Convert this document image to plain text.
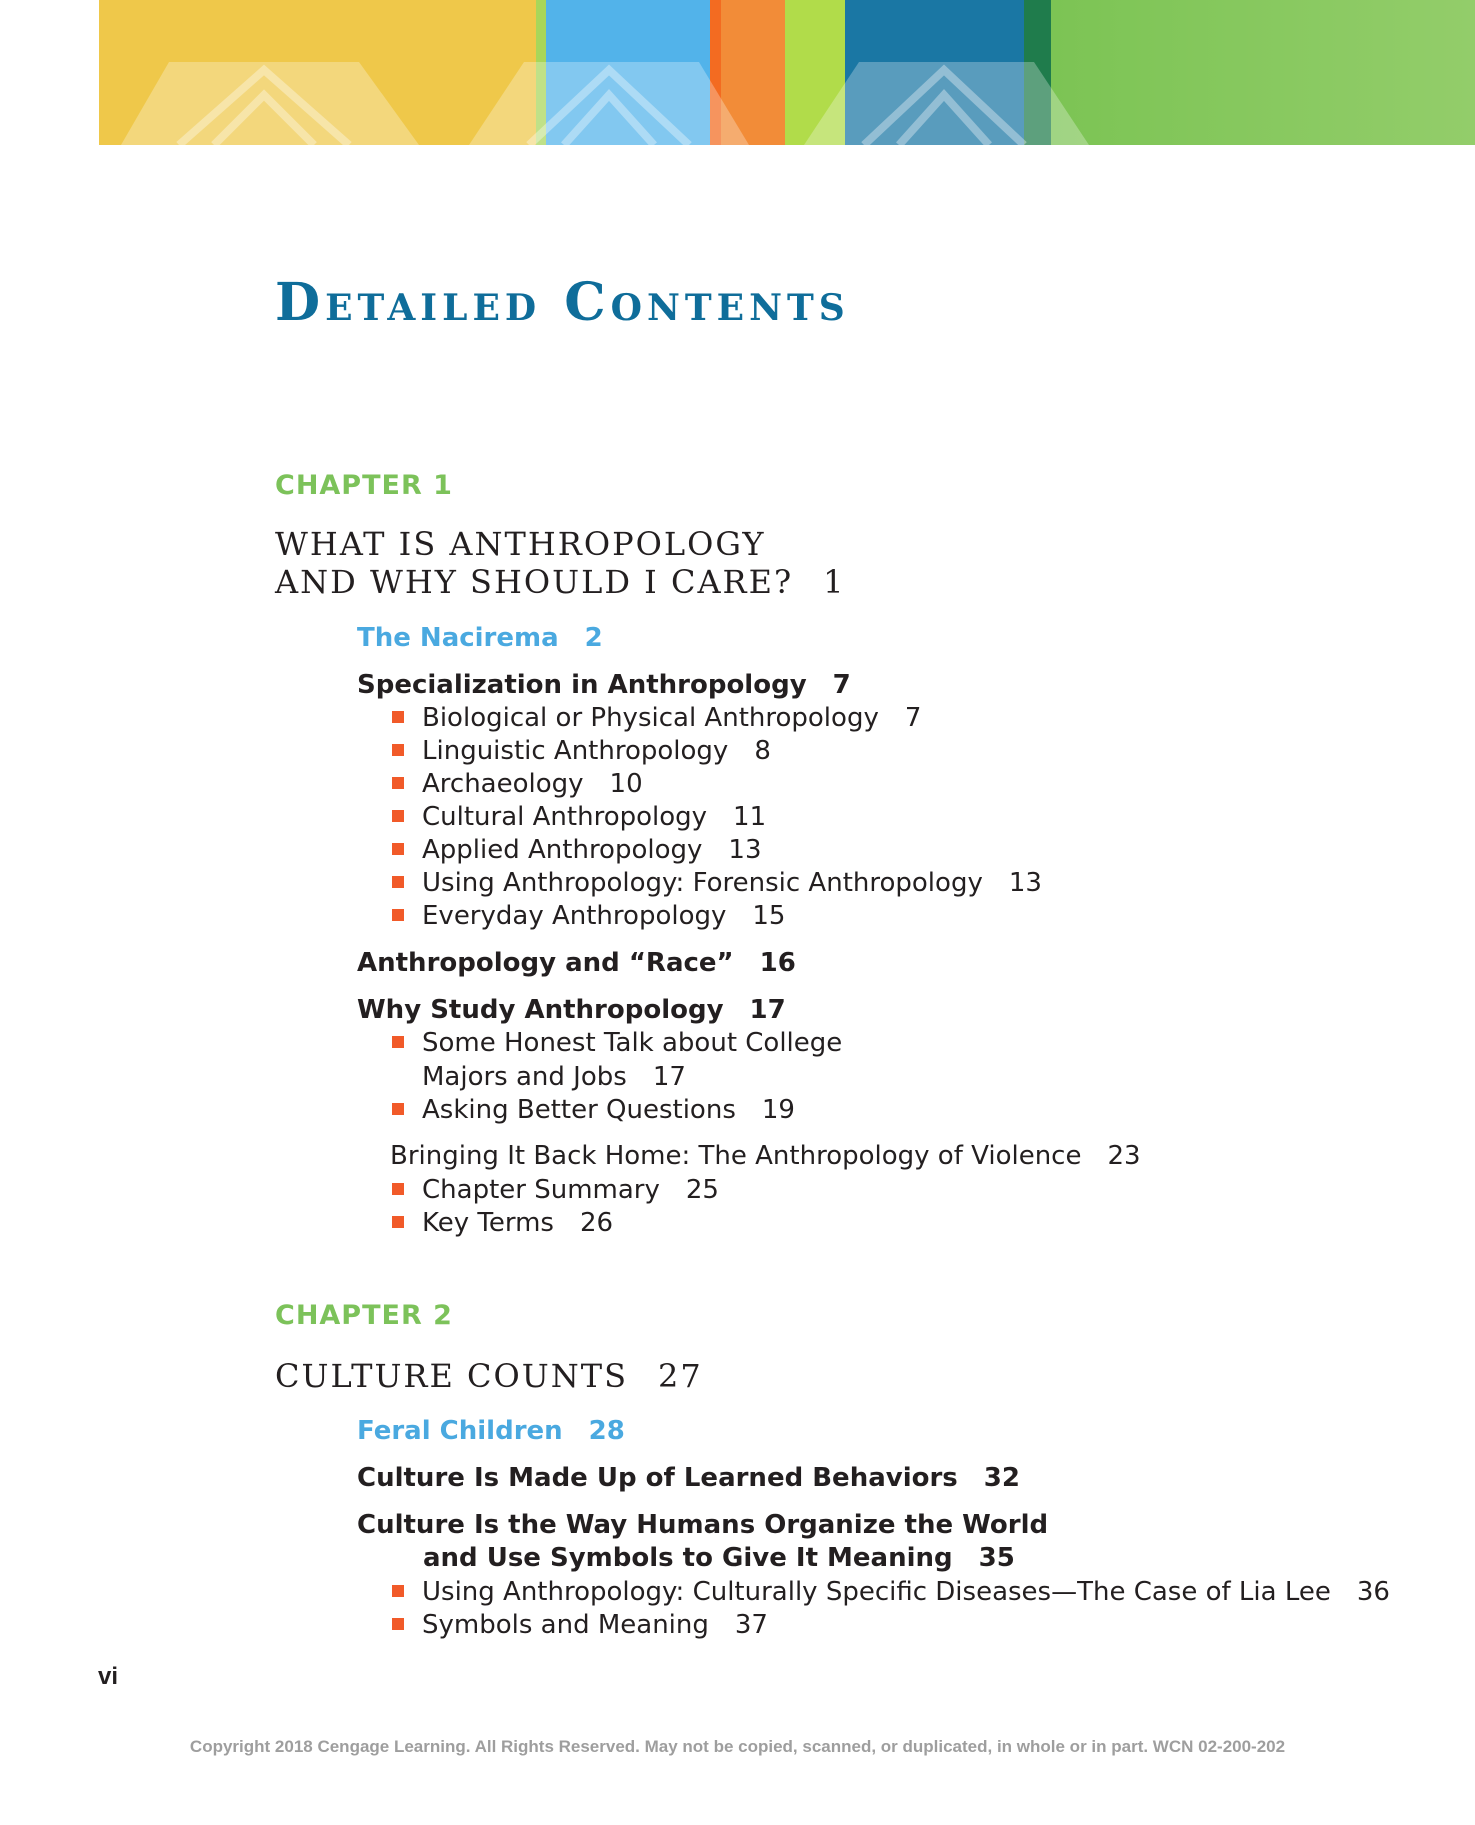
Detailed Contents
CHAPTER 1
WHAT IS ANTHROPOLOGY
AND WHY SHOULD I CARE? 1
The Nacirema 2
Specialization in Anthropology 7
Biological or Physical Anthropology 7
Linguistic Anthropology 8
Archaeology 10
Cultural Anthropology 11
Applied Anthropology 13
Using Anthropology: Forensic Anthropology 13
Everyday Anthropology 15
Anthropology and “Race” 16
Why Study Anthropology 17
Some Honest Talk about College
Majors and Jobs 17
Asking Better Questions 19
Bringing It Back Home: The Anthropology of Violence 23
Chapter Summary 25
Key Terms 26
CHAPTER 2
CULTURE COUNTS 27
Feral Children 28
Culture Is Made Up of Learned Behaviors 32
Culture Is the Way Humans Organize the World
and Use Symbols to Give It Meaning 35
Using Anthropology: Culturally Specific Diseases—The Case of Lia Lee 36
Symbols and Meaning 37
vi
Copyright 2018 Cengage Learning. All Rights Reserved. May not be copied, scanned, or duplicated, in whole or in part. WCN 02-200-202
